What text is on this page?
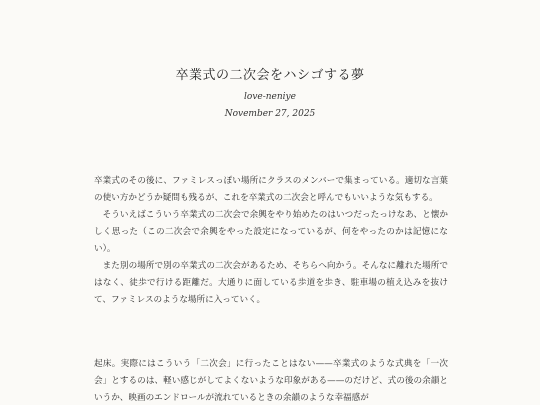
卒業式の二次会をハシゴする夢
love-neniye
November 27, 2025

卒業式のその後に、ファミレスっぽい場所にクラスのメンバーで集まっている。適切な言葉の使い方かどうか疑問も残るが、これを卒業式の二次会と呼んでもいいような気もする。

　そういえばこういう卒業式の二次会で余興をやり始めたのはいつだったっけなあ、と懐かしく思った（この二次会で余興をやった設定になっているが、何をやったのかは記憶にない）。

　また別の場所で別の卒業式の二次会があるため、そちらへ向かう。そんなに離れた場所ではなく、徒歩で行ける距離だ。大通りに面している歩道を歩き、駐車場の植え込みを抜けて、ファミレスのような場所に入っていく。

起床。実際にはこういう「二次会」に行ったことはない——卒業式のような式典を「一次会」とするのは、軽い感じがしてよくないような印象がある——のだけど、式の後の余韻というか、映画のエンドロールが流れているときの余韻のような幸福感が
